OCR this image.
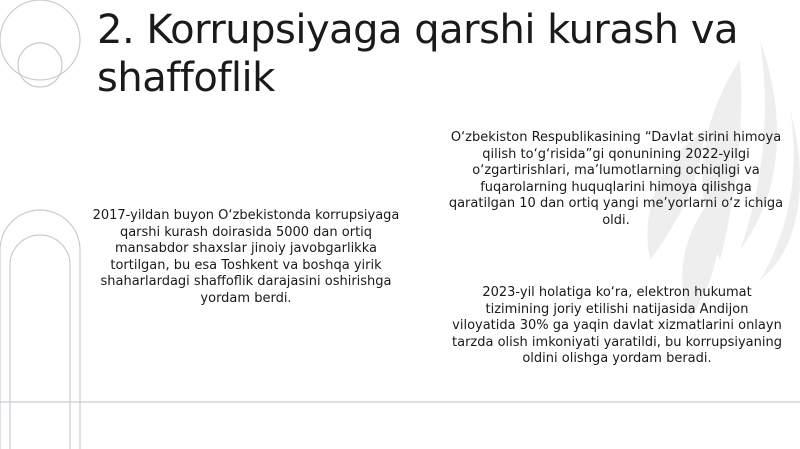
2. Korrupsiyaga qarshi kurash va shaffoflik

2017-yildan buyon O‘zbekistonda korrupsiyaga qarshi kurash doirasida 5000 dan ortiq mansabdor shaxslar jinoiy javobgarlikka tortilgan, bu esa Toshkent va boshqa yirik shaharlardagi shaffoflik darajasini oshirishga yordam berdi.

O‘zbekiston Respublikasining “Davlat sirini himoya qilish to‘g‘risida”gi qonunining 2022-yilgi o‘zgartirishlari, ma’lumotlarning ochiqligi va fuqarolarning huquqlarini himoya qilishga qaratilgan 10 dan ortiq yangi me’yorlarni o‘z ichiga oldi.

2023-yil holatiga ko‘ra, elektron hukumat tizimining joriy etilishi natijasida Andijon viloyatida 30% ga yaqin davlat xizmatlarini onlayn tarzda olish imkoniyati yaratildi, bu korrupsiyaning oldini olishga yordam beradi.
